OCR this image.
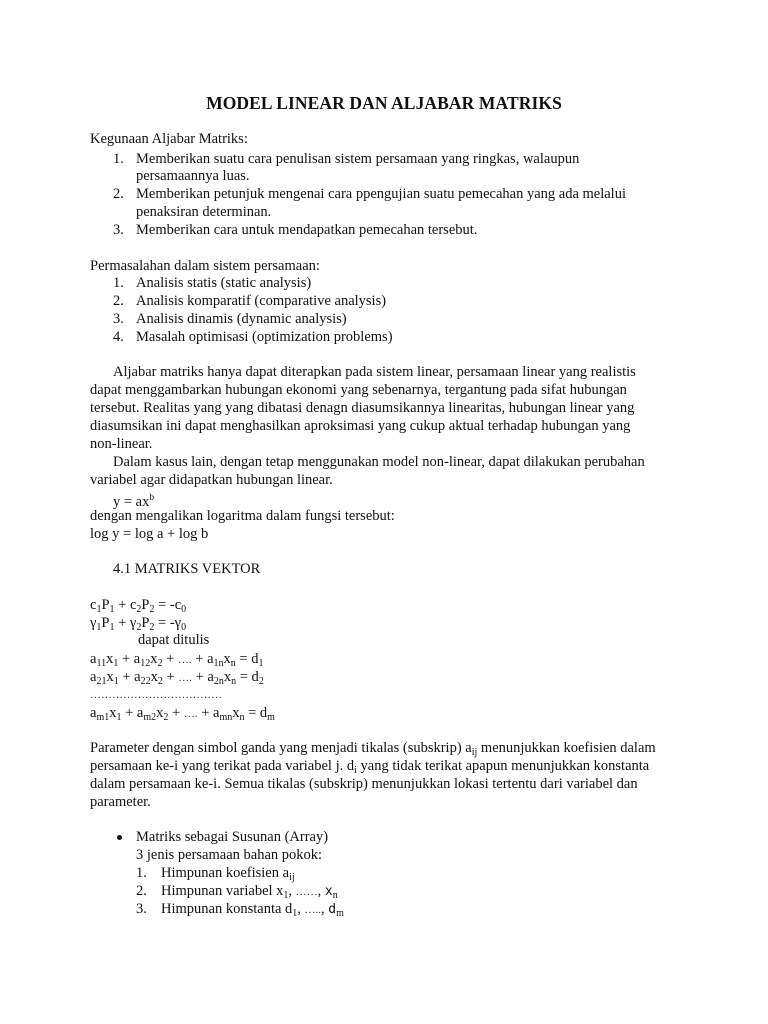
MODEL LINEAR DAN ALJABAR MATRIKS
Kegunaan Aljabar Matriks:
1. Memberikan suatu cara penulisan sistem persamaan yang ringkas, walaupun
persamaannya luas.
2. Memberikan petunjuk mengenai cara ppengujian suatu pemecahan yang ada melalui
penaksiran determinan.
3. Memberikan cara untuk mendapatkan pemecahan tersebut.
Permasalahan dalam sistem persamaan:
1. Analisis statis (static analysis)
2. Analisis komparatif (comparative analysis)
3. Analisis dinamis (dynamic analysis)
4. Masalah optimisasi (optimization problems)
Aljabar matriks hanya dapat diterapkan pada sistem linear, persamaan linear yang realistis
dapat menggambarkan hubungan ekonomi yang sebenarnya, tergantung pada sifat hubungan
tersebut. Realitas yang yang dibatasi denagn diasumsikannya linearitas, hubungan linear yang
diasumsikan ini dapat menghasilkan aproksimasi yang cukup aktual terhadap hubungan yang
non-linear.
Dalam kasus lain, dengan tetap menggunakan model non-linear, dapat dilakukan perubahan
variabel agar didapatkan hubungan linear.
$y = ax^b$
dengan mengalikan logaritma dalam fungsi tersebut:
log y = log a + log b
4.1 MATRIKS VEKTOR
$c_1P_1 + c_2P_2 = -c_0$
$\gamma_1P_1 + \gamma_2P_2 = -\gamma_0$
dapat ditulis
$a_{11}x_1 + a_{12}x_2$ + …. + $a_{1n}x_n = d_1$
$a_{21}x_1 + a_{22}x_2$ + …. + $a_{2n}x_n = d_2$
………………………………
$a_{m1}x_1 + a_{m2}x_2$ + …. + $a_{mn}x_n = d_m$
Parameter dengan simbol ganda yang menjadi tikalas (subskrip) $a_{ij}$ menunjukkan koefisien dalam
persamaan ke-i yang terikat pada variabel j. $d_i$ yang tidak terikat apapun menunjukkan konstanta
dalam persamaan ke-i. Semua tikalas (subskrip) menunjukkan lokasi tertentu dari variabel dan
parameter.
Matriks sebagai Susunan (Array)
3 jenis persamaan bahan pokok:
1. Himpunan koefisien $a_{ij}$
2. Himpunan variabel $x_1$, ……, $x_n$
3. Himpunan konstanta $d_1$, ….., $d_m$
